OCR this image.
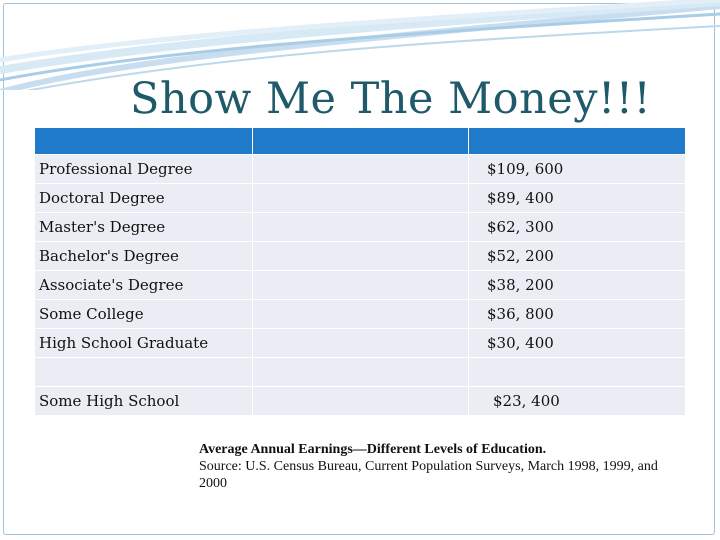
Show Me The Money!!!

Professional Degree		$109, 600
Doctoral Degree		$89, 400
Master's Degree		$62, 300
Bachelor's Degree		$52, 200
Associate's Degree		$38, 200
Some College		$36, 800
High School Graduate		$30, 400

Some High School		$23, 400
Average Annual Earnings—Different Levels of Education.
Source: U.S. Census Bureau, Current Population Surveys, March 1998, 1999, and 2000
